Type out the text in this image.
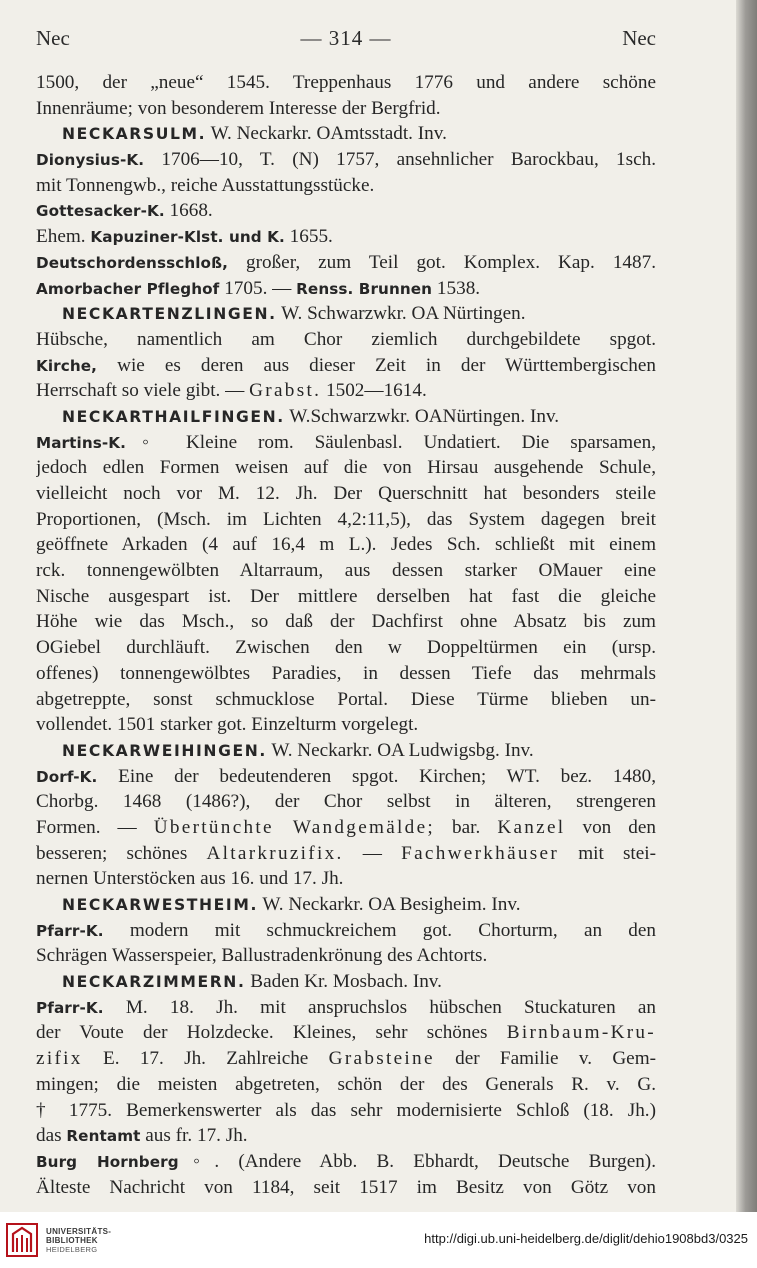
Nec	— 314 —	Nec
1500, der „neue“ 1545. Treppenhaus 1776 und andere schöne
Innenräume; von besonderem Interesse der Bergfrid.
NECKARSULM. W. Neckarkr. OAmtsstadt. Inv.
Dionysius-K. 1706—10, T. (N) 1757, ansehnlicher Barockbau, 1sch.
mit Tonnengwb., reiche Ausstattungsstücke.
Gottesacker-K. 1668.
Ehem. Kapuziner-Klst. und K. 1655.
Deutschordensschloß, großer, zum Teil got. Komplex. Kap. 1487.
Amorbacher Pfleghof 1705. — Renss. Brunnen 1538.
NECKARTENZLINGEN. W. Schwarzwkr. OA Nürtingen.
Hübsche, namentlich am Chor ziemlich durchgebildete spgot.
Kirche, wie es deren aus dieser Zeit in der Württembergischen
Herrschaft so viele gibt. — Grabst. 1502—1614.
NECKARTHAILFINGEN. W.Schwarzwkr. OANürtingen. Inv.
Martins-K.◦ Kleine rom. Säulenbasl. Undatiert. Die sparsamen,
jedoch edlen Formen weisen auf die von Hirsau ausgehende Schule,
vielleicht noch vor M. 12. Jh. Der Querschnitt hat besonders steile
Proportionen, (Msch. im Lichten 4,2:11,5), das System dagegen breit
geöffnete Arkaden (4 auf 16,4 m L.). Jedes Sch. schließt mit einem
rck. tonnengewölbten Altarraum, aus dessen starker OMauer eine
Nische ausgespart ist. Der mittlere derselben hat fast die gleiche
Höhe wie das Msch., so daß der Dachfirst ohne Absatz bis zum
OGiebel durchläuft. Zwischen den w Doppeltürmen ein (ursp.
offenes) tonnengewölbtes Paradies, in dessen Tiefe das mehrmals
abgetreppte, sonst schmucklose Portal. Diese Türme blieben un-
vollendet. 1501 starker got. Einzelturm vorgelegt.
NECKARWEIHINGEN. W. Neckarkr. OA Ludwigsbg. Inv.
Dorf-K. Eine der bedeutenderen spgot. Kirchen; WT. bez. 1480,
Chorbg. 1468 (1486?), der Chor selbst in älteren, strengeren
Formen. — Übertünchte Wandgemälde; bar. Kanzel von den
besseren; schönes Altarkruzifix. — Fachwerkhäuser mit stei-
nernen Unterstöcken aus 16. und 17. Jh.
NECKARWESTHEIM. W. Neckarkr. OA Besigheim. Inv.
Pfarr-K. modern mit schmuckreichem got. Chorturm, an den
Schrägen Wasserspeier, Ballustradenkrönung des Achtorts.
NECKARZIMMERN. Baden Kr. Mosbach. Inv.
Pfarr-K. M. 18. Jh. mit anspruchslos hübschen Stuckaturen an
der Voute der Holzdecke. Kleines, sehr schönes Birnbaum-Kru-
zifix E. 17. Jh. Zahlreiche Grabsteine der Familie v. Gem-
mingen; die meisten abgetreten, schön der des Generals R. v. G.
† 1775. Bemerkenswerter als das sehr modernisierte Schloß (18. Jh.)
das Rentamt aus fr. 17. Jh.
Burg Hornberg◦. (Andere Abb. B. Ebhardt, Deutsche Burgen).
Älteste Nachricht von 1184, seit 1517 im Besitz von Götz von
UNIVERSITÄTS-
BIBLIOTHEK
HEIDELBERG
http://digi.ub.uni-heidelberg.de/diglit/dehio1908bd3/0325
